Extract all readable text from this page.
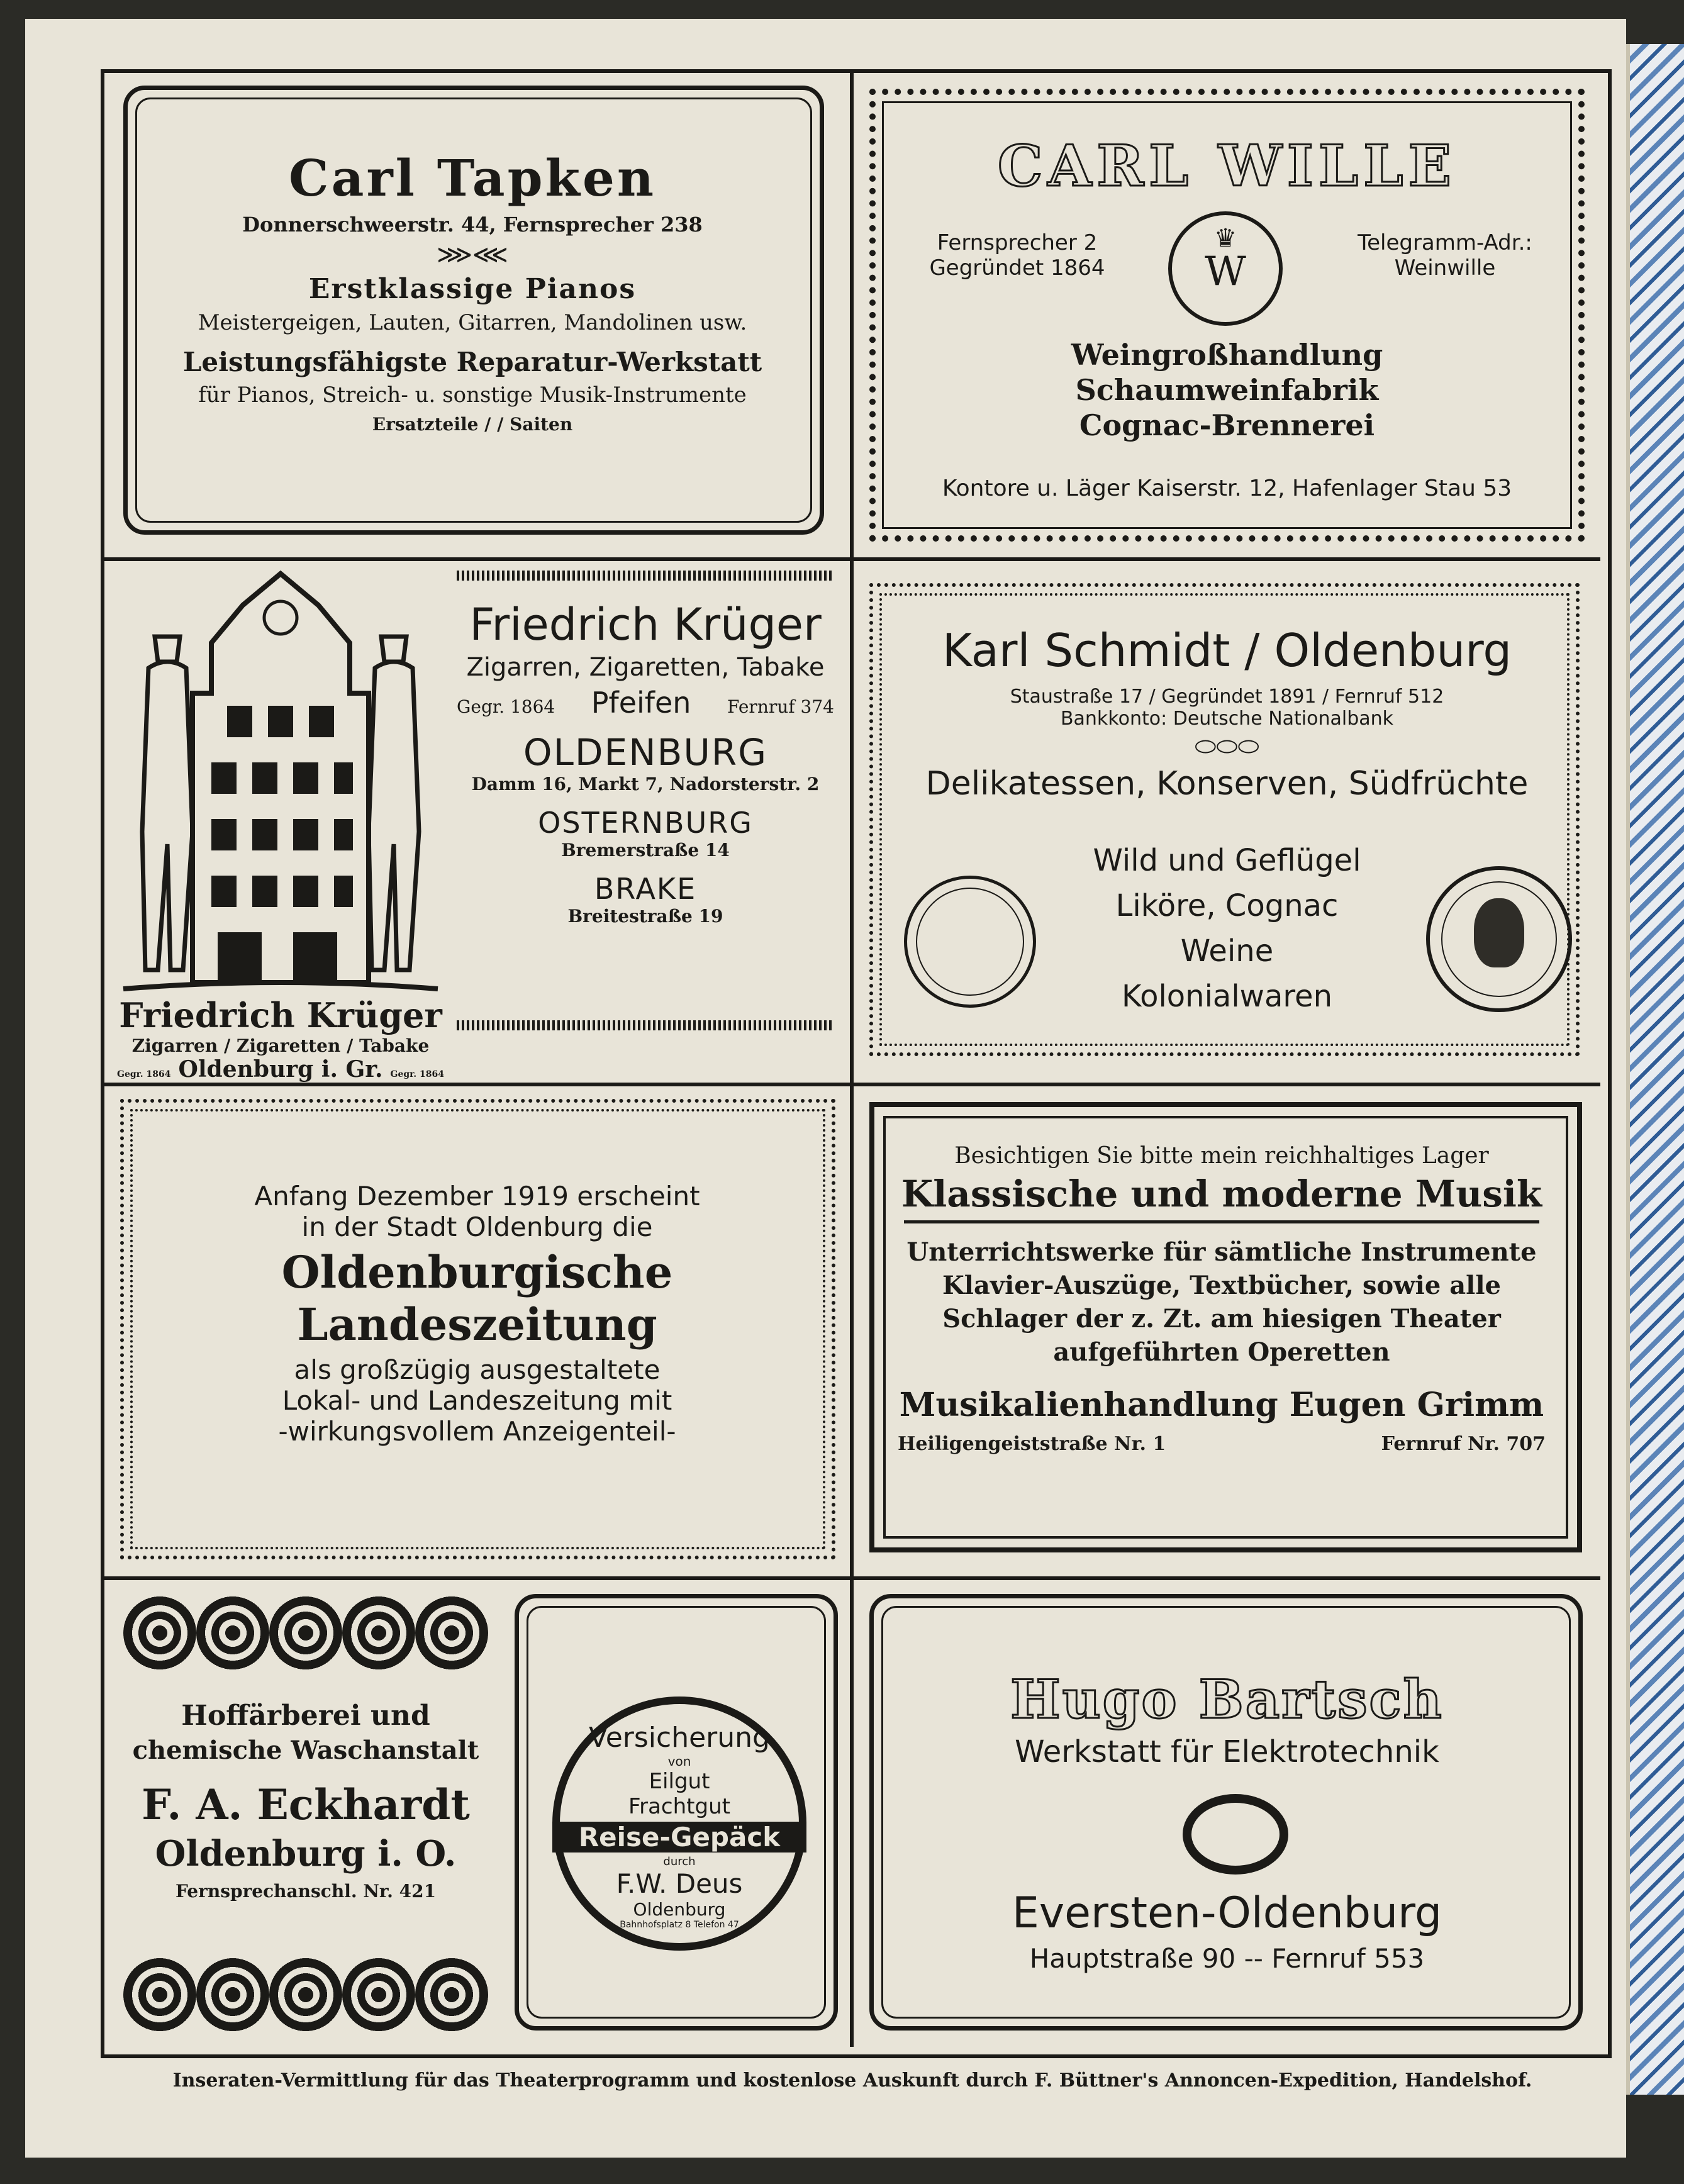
Carl Tapken
Donnerschweerstr. 44, Fernsprecher 238
⋙⋘
Erstklassige Pianos
Meistergeigen, Lauten, Gitarren, Mandolinen usw.
Leistungsfähigste Reparatur-Werkstatt
für Pianos, Streich- u. sonstige Musik-Instrumente
Ersatzteile / / Saiten
CARL WILLE
Fernsprecher 2
Gegründet 1864
♛
W
Telegramm-Adr.:
Weinwille
Weingroßhandlung
Schaumweinfabrik
Cognac-Brennerei
Kontore u. Läger Kaiserstr. 12, Hafenlager Stau 53
Friedrich Krüger
Zigarren / Zigaretten / Tabake
Gegr. 1864 Oldenburg i. Gr. Gegr. 1864
Friedrich Krüger
Zigarren, Zigaretten, Tabake
Gegr. 1864 Pfeifen Fernruf 374
OLDENBURG
Damm 16, Markt 7, Nadorsterstr. 2
OSTERNBURG
Bremerstraße 14
BRAKE
Breitestraße 19
Karl Schmidt / Oldenburg
Staustraße 17 / Gegründet 1891 / Fernruf 512
Bankkonto: Deutsche Nationalbank
⬭⬭⬭
Delikatessen, Konserven, Südfrüchte
Wild und Geflügel
Liköre, Cognac
Weine
Kolonialwaren
Anfang Dezember 1919 erscheint
in der Stadt Oldenburg die
Oldenburgische
Landeszeitung
als großzügig ausgestaltete
Lokal- und Landeszeitung mit
-wirkungsvollem Anzeigenteil-
Besichtigen Sie bitte mein reichhaltiges Lager
Klassische und moderne Musik
Unterrichtswerke für sämtliche Instrumente
Klavier-Auszüge, Textbücher, sowie alle
Schlager der z. Zt. am hiesigen Theater
aufgeführten Operetten
Musikalienhandlung Eugen Grimm
Heiligengeiststraße Nr. 1	Fernruf Nr. 707
Hoffärberei und
chemische Waschanstalt
F. A. Eckhardt
Oldenburg i. O.
Fernsprechanschl. Nr. 421
Versicherung
von
Eilgut
Frachtgut
Reise-Gepäck
durch
F.W. Deus
Oldenburg
Bahnhofsplatz 8 Telefon 47
Hugo Bartsch
Werkstatt für Elektrotechnik
Eversten-Oldenburg
Hauptstraße 90 -- Fernruf 553
Inseraten-Vermittlung für das Theaterprogramm und kostenlose Auskunft durch F. Büttner's Annoncen-Expedition, Handelshof.
